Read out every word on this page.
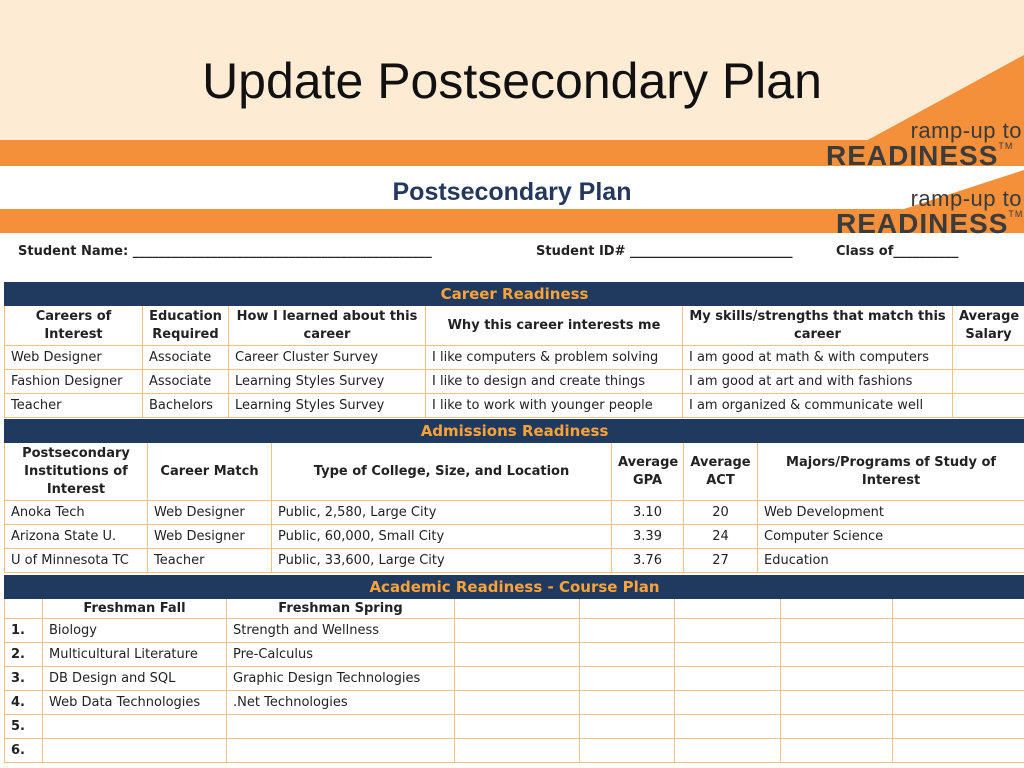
Update Postsecondary Plan
ramp-up to
READINESS™
Postsecondary Plan	ramp-up to
READINESS™
Student Name: ______________________________________________	Student ID# _________________________	Class of__________
Career Readiness					
Careers of Interest	Education Required	How I learned about this career	Why this career interests me	My skills/strengths that match this career	Average Salary
Web Designer	Associate	Career Cluster Survey	I like computers & problem solving	I am good at math & with computers	
Fashion Designer	Associate	Learning Styles Survey	I like to design and create things	I am good at art and with fashions	
Teacher	Bachelors	Learning Styles Survey	I like to work with younger people	I am organized & communicate well	
Admissions Readiness					
Postsecondary Institutions of Interest	Career Match	Type of College, Size, and Location	Average GPA	Average ACT	Majors/Programs of Study of Interest
Anoka Tech	Web Designer	Public, 2,580, Large City	3.10	20	Web Development
Arizona State U.	Web Designer	Public, 60,000, Small City	3.39	24	Computer Science
U of Minnesota TC	Teacher	Public, 33,600, Large City	3.76	27	Education
Academic Readiness - Course Plan							
	Freshman Fall	Freshman Spring					
1.	Biology	Strength and Wellness					
2.	Multicultural Literature	Pre-Calculus					
3.	DB Design and SQL	Graphic Design Technologies					
4.	Web Data Technologies	.Net Technologies					
5.							
6.							
